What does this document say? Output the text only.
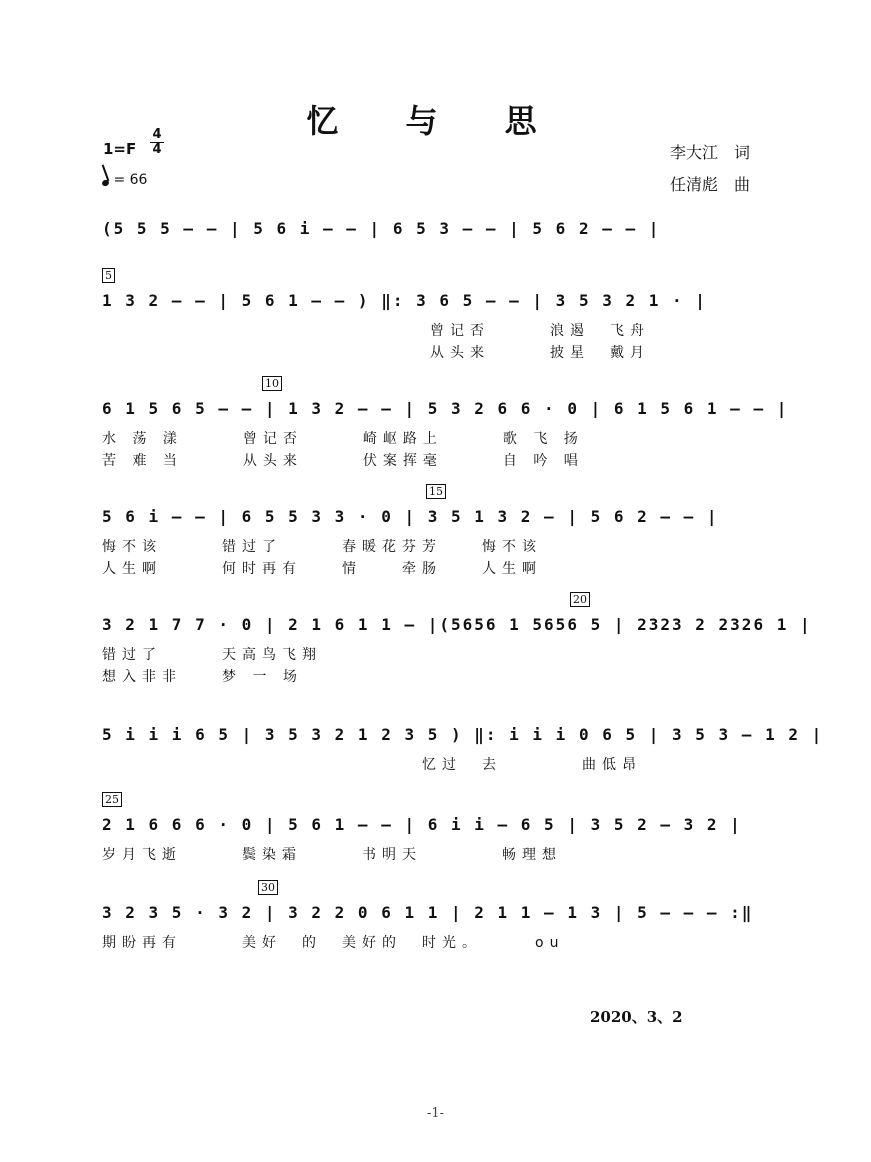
忆 与 思
1=F
4
4
= 66
李大江　词
任清彪　曲
(5 5 5 — — | 5 6 i — — | 6 5 3 — — | 5 6 2 — — |
5
1 3 2 — — | 5 6 1 — — ) ‖: 3 6 5 — — | 3 5 3 2 1 · |
曾记否　　　浪遏　飞舟
从头来　　　披星　戴月
10
6 1 5 6 5 — — | 1 3 2 — — | 5 3 2 6 6 · 0 | 6 1 5 6 1 — — |
水 荡 漾　　　曾记否　　　崎岖路上　　　歌 飞 扬
苦 难 当　　　从头来　　　伏案挥毫　　　自 吟 唱
15
5 6 i — — | 6 5 5 3 3 · 0 | 3 5 1 3 2 — | 5 6 2 — — |
悔不该　　　错过了　　　春暖花芬芳　　悔不该
人生啊　　　何时再有　　情　　牵肠　　人生啊
20
3 2 1 7 7 · 0 | 2 1 6 1 1 — |(5656 1 5656 5 | 2323 2 2326 1 |
错过了　　　天高鸟飞翔
想入非非　　梦 一 场
5 i i i 6 5 | 3 5 3 2 1 2 3 5 ) ‖: i i i 0 6 5 | 3 5 3 — 1 2 |
　　　　　　　　　　　　　　　　忆过　去　　　　曲低昂
25
2 1 6 6 6 · 0 | 5 6 1 — — | 6 i i — 6 5 | 3 5 2 — 3 2 |
岁月飞逝　　　鬓染霜　　　书明天　　　　畅理想
30
3 2 3 5 · 3 2 | 3 2 2 0 6 1 1 | 2 1 1 — 1 3 | 5 — — — :‖
期盼再有　　　美好　的　美好的　时光。　　　ou
2020、3、2
-1-
